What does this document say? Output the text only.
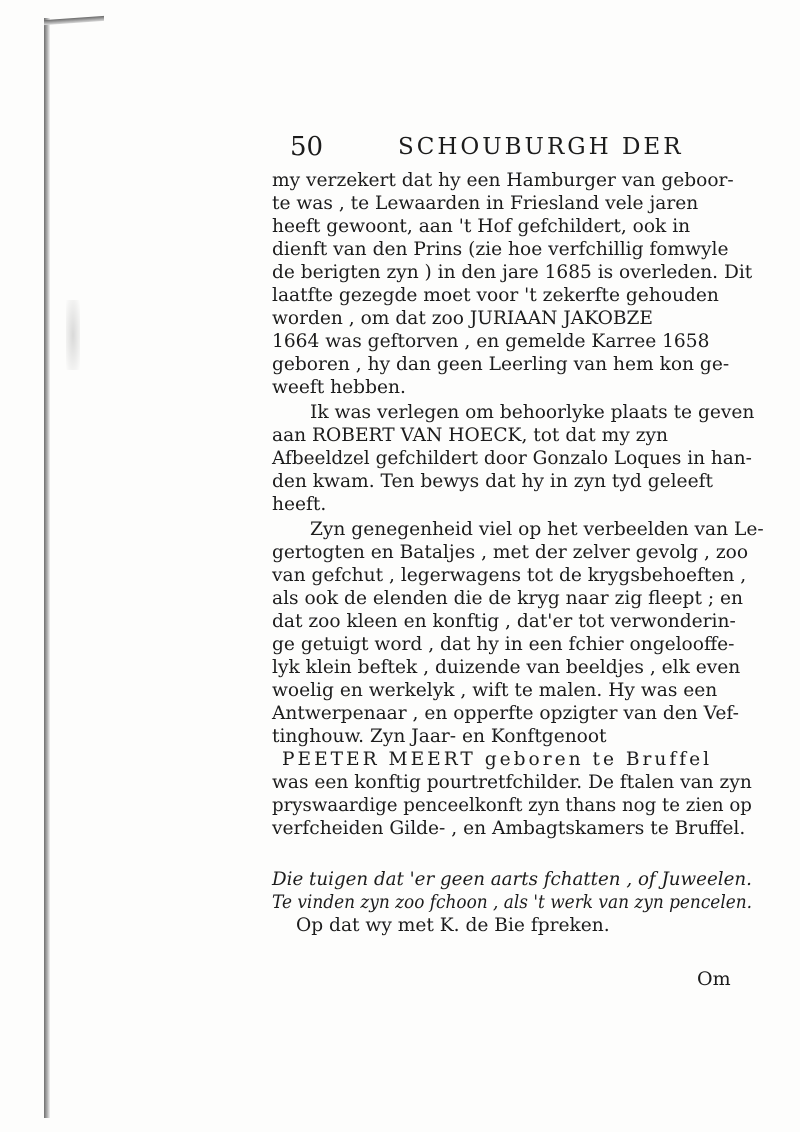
50	SCHOUBURGH DER
my verzekert dat hy een Hamburger van geboor-
te was , te Lewaarden in Friesland vele jaren
heeft gewoont, aan 't Hof gefchildert, ook in
dienft van den Prins (zie hoe verfchillig fomwyle
de berigten zyn ) in den jare 1685 is overleden. Dit
laatfte gezegde moet voor 't zekerfte gehouden
worden , om dat zoo JURIAAN JAKOBZE
1664 was geftorven , en gemelde Karree 1658
geboren , hy dan geen Leerling van hem kon ge-
weeft hebben.
Ik was verlegen om behoorlyke plaats te geven
aan ROBERT VAN HOECK, tot dat my zyn
Afbeeldzel gefchildert door Gonzalo Loques in han-
den kwam. Ten bewys dat hy in zyn tyd geleeft
heeft.
Zyn genegenheid viel op het verbeelden van Le-
gertogten en Bataljes , met der zelver gevolg , zoo
van gefchut , legerwagens tot de krygsbehoeften ,
als ook de elenden die de kryg naar zig fleept ; en
dat zoo kleen en konftig , dat'er tot verwonderin-
ge getuigt word , dat hy in een fchier ongelooffe-
lyk klein beftek , duizende van beeldjes , elk even
woelig en werkelyk , wift te malen. Hy was een
Antwerpenaar , en opperfte opzigter van den Vef-
tinghouw. Zyn Jaar- en Konftgenoot
PEETER MEERT geboren te Bruffel
was een konftig pourtretfchilder. De ftalen van zyn
pryswaardige penceelkonft zyn thans nog te zien op
verfcheiden Gilde- , en Ambagtskamers te Bruffel.
Die tuigen dat 'er geen aarts fchatten , of Juweelen.
Te vinden zyn zoo fchoon , als 't werk van zyn pencelen.
Op dat wy met K. de Bie fpreken.
Om
